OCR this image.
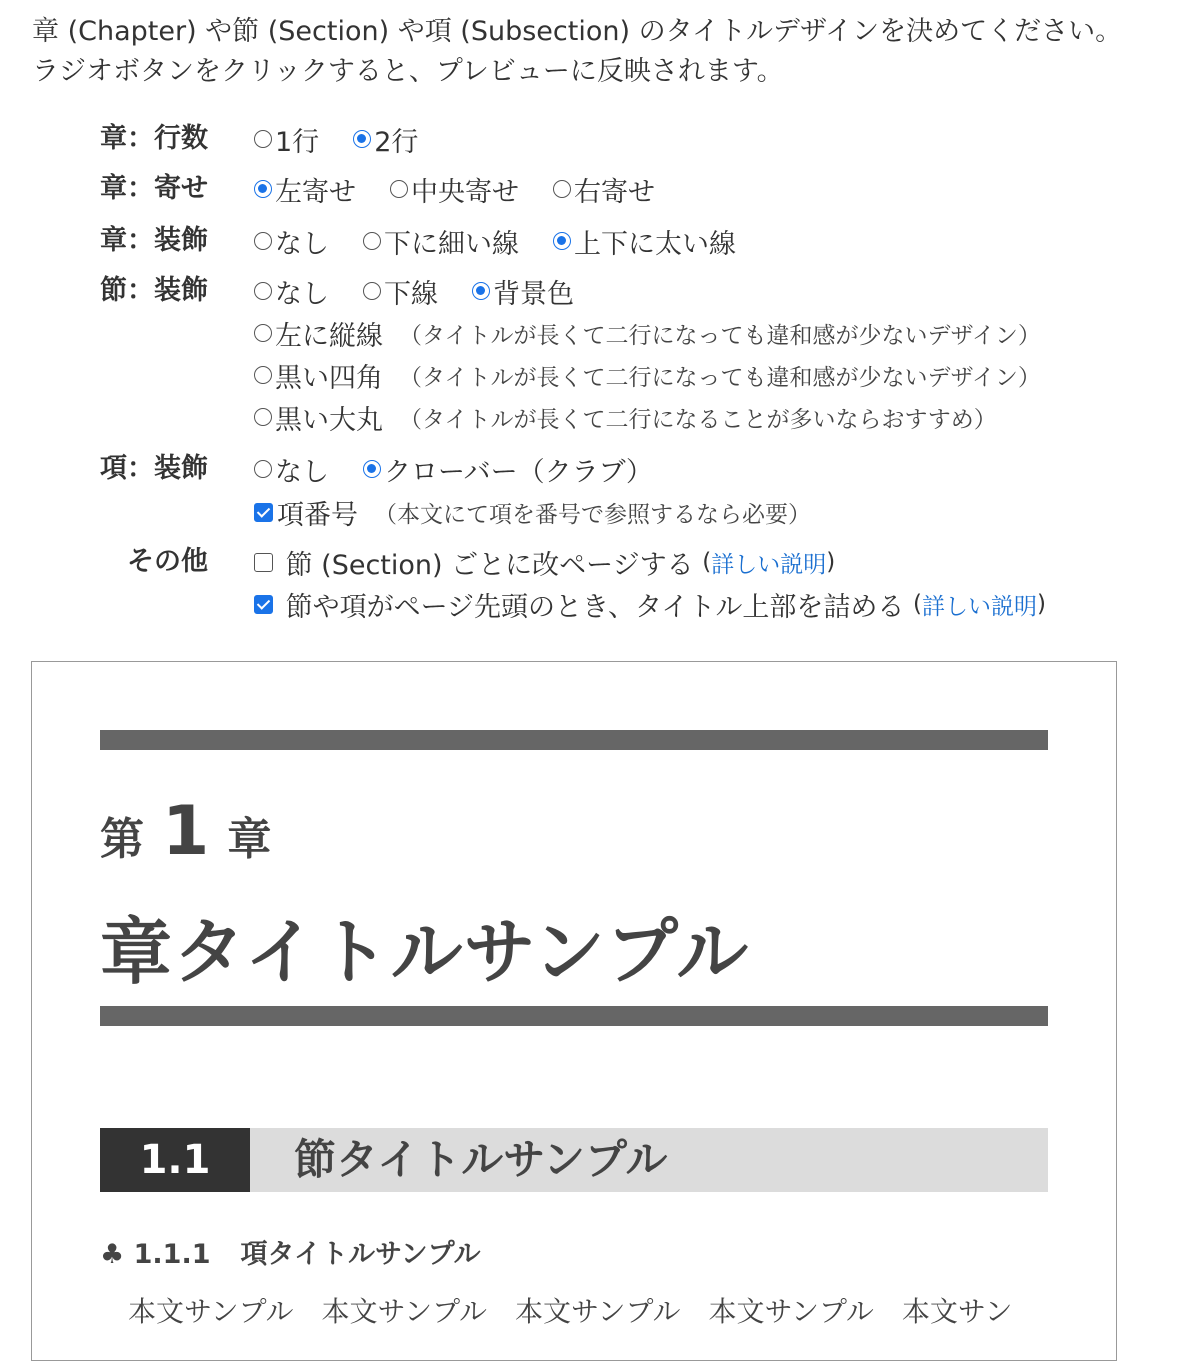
章 (Chapter) や節 (Section) や項 (Subsection) のタイトルデザインを決めてください。

ラジオボタンをクリックすると、プレビューに反映されます。

章：行数 1行 2行
章：寄せ 左寄せ 中央寄せ 右寄せ
章：装飾 なし 下に細い線 上下に太い線
節：装飾 なし 下線 背景色
左に縦線 （タイトルが長くて二行になっても違和感が少ないデザイン）
黒い四角 （タイトルが長くて二行になっても違和感が少ないデザイン）
黒い大丸 （タイトルが長くて二行になることが多いならおすすめ）
項：装飾 なし クローバー（クラブ）
項番号 （本文にて項を番号で参照するなら必要）
その他
	節 (Section) ごとに改ページする
( 詳しい説明 )

節や項がページ先頭のとき、タイトル上部を詰める
( 詳しい説明 )
第 1 章
章タイトルサンプル
1.1	節タイトルサンプル
♣ 1.1.1 項タイトルサンプル
本文サンプル　本文サンプル　本文サンプル　本文サンプル　本文サン
